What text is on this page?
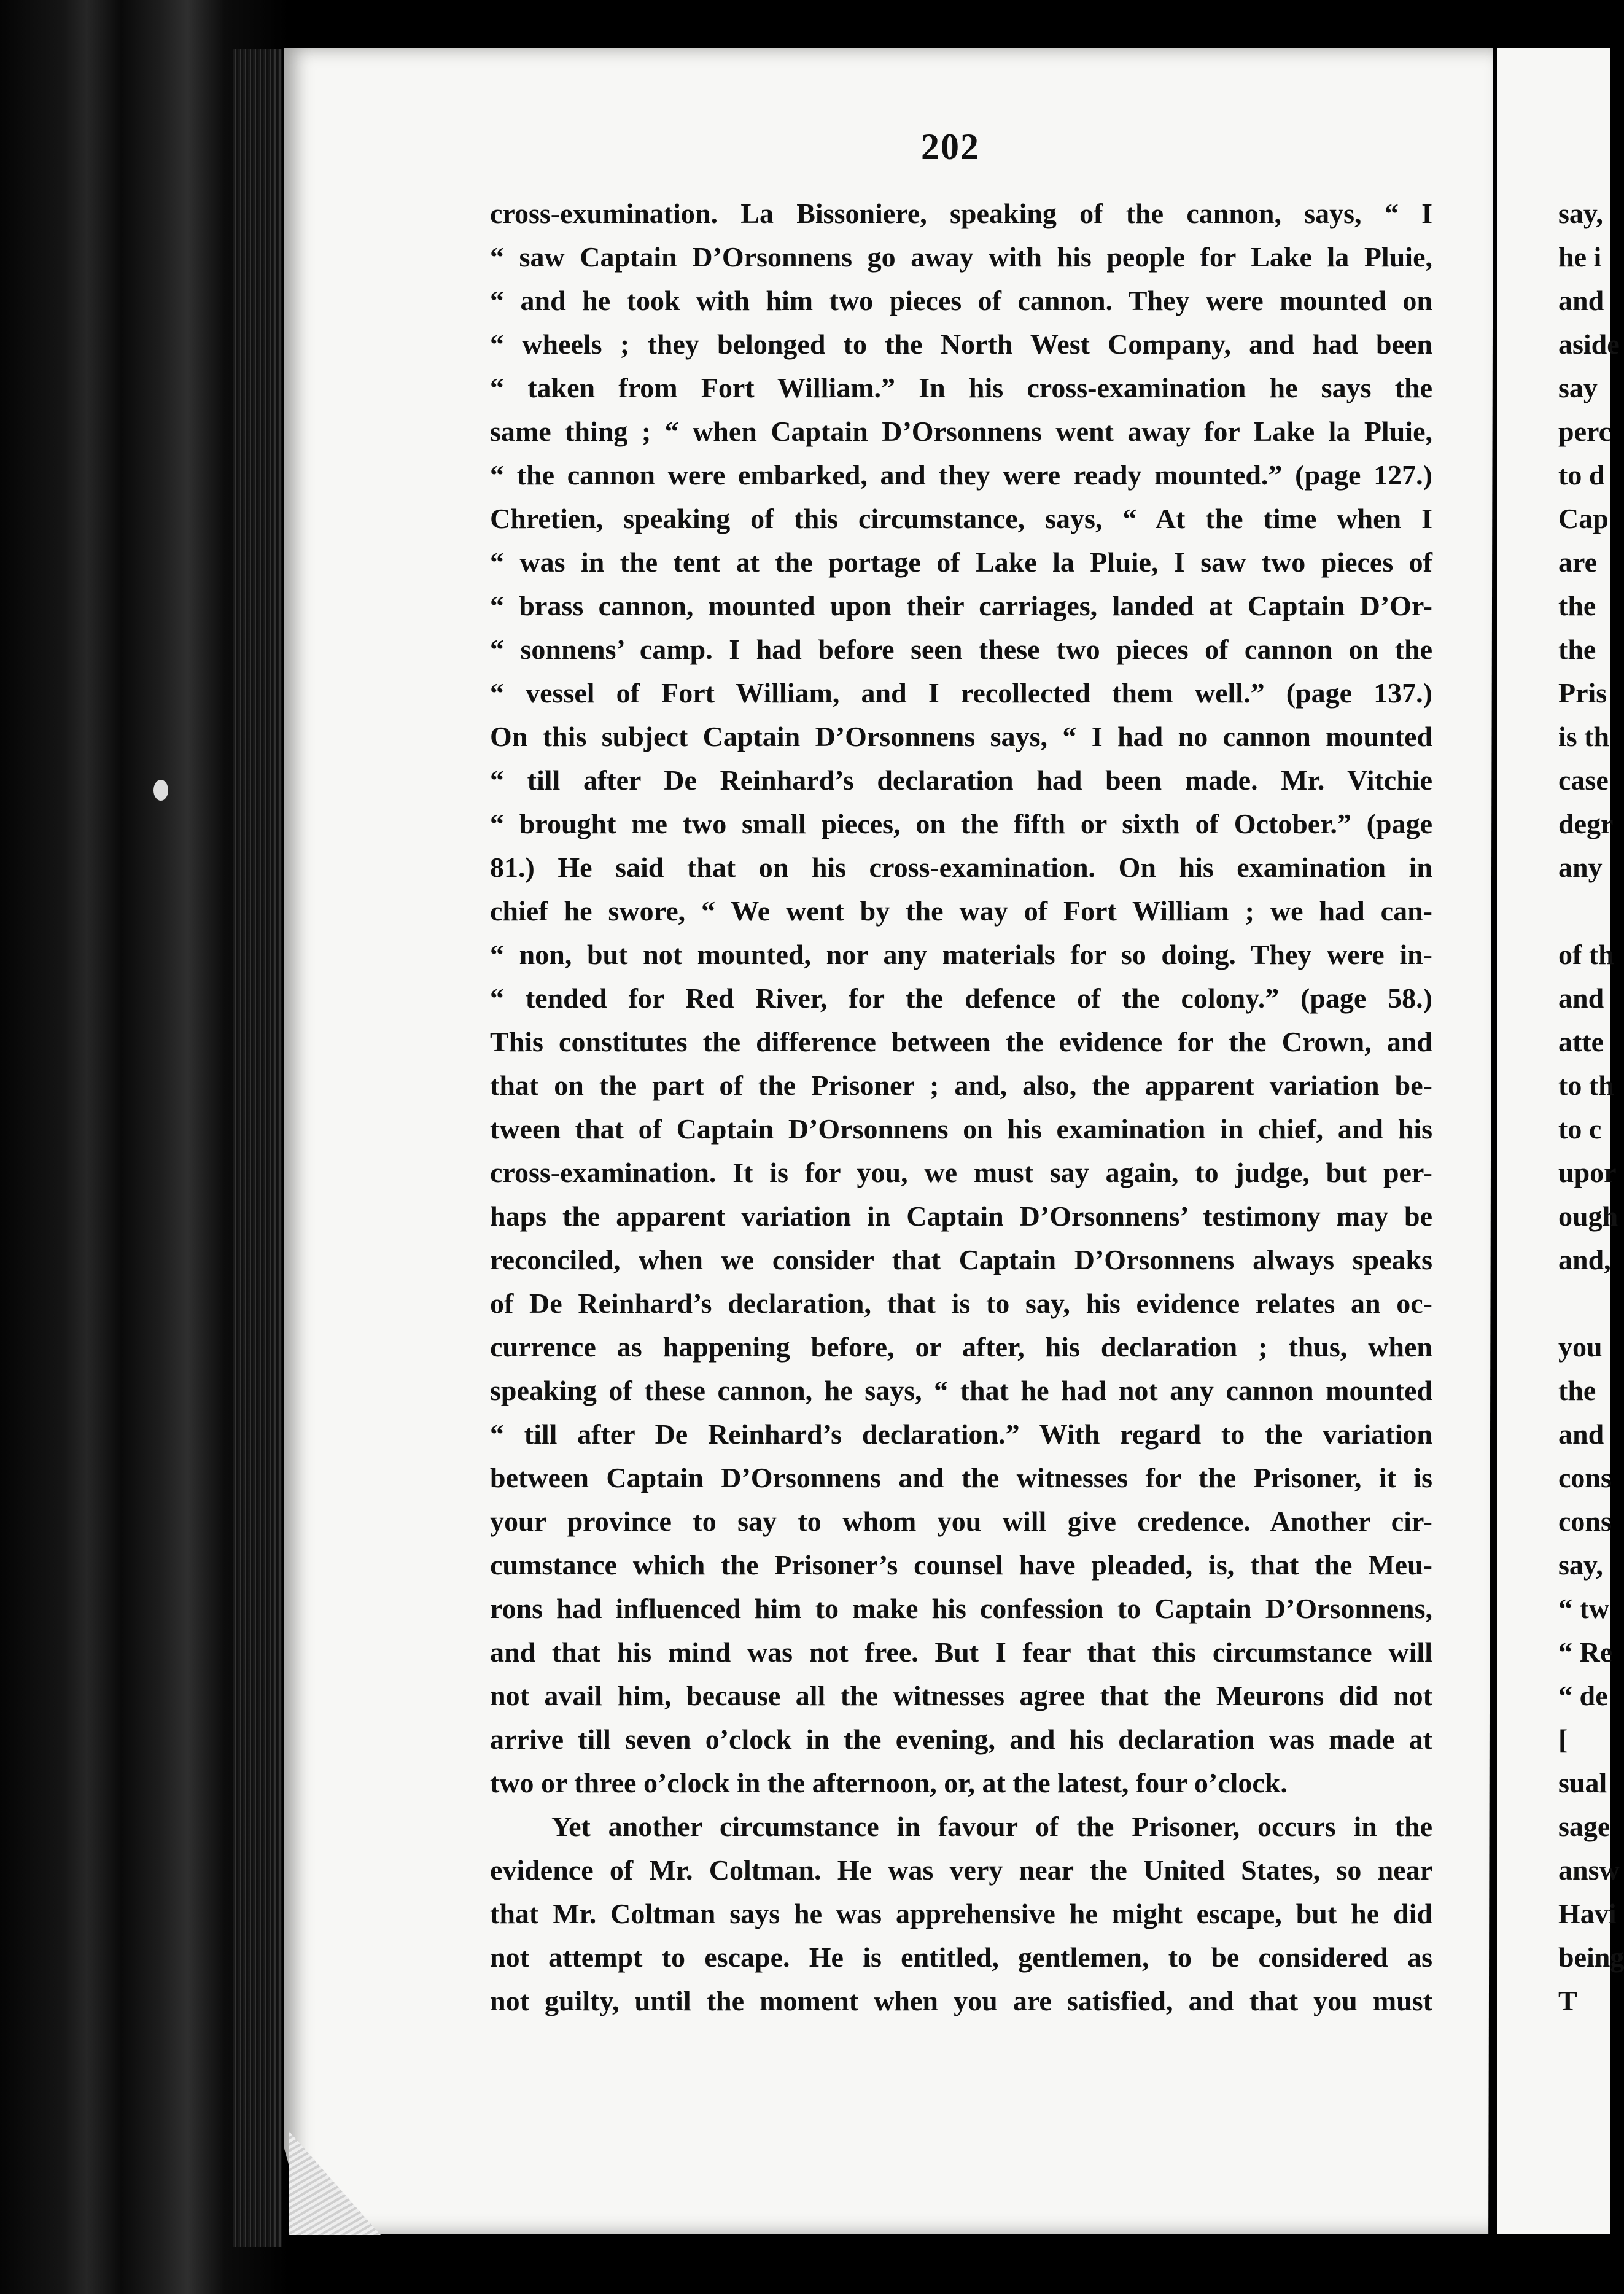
202
cross-exumination. La Bissoniere, speaking of the cannon, says, “ I
“ saw Captain D’Orsonnens go away with his people for Lake la Pluie,
“ and he took with him two pieces of cannon. They were mounted on
“ wheels ; they belonged to the North West Company, and had been
“ taken from Fort William.” In his cross-examination he says the
same thing ; “ when Captain D’Orsonnens went away for Lake la Pluie,
“ the cannon were embarked, and they were ready mounted.” (page 127.)
Chretien, speaking of this circumstance, says, “ At the time when I
“ was in the tent at the portage of Lake la Pluie, I saw two pieces of
“ brass cannon, mounted upon their carriages, landed at Captain D’Or-
“ sonnens’ camp. I had before seen these two pieces of cannon on the
“ vessel of Fort William, and I recollected them well.” (page 137.)
On this subject Captain D’Orsonnens says, “ I had no cannon mounted
“ till after De Reinhard’s declaration had been made. Mr. Vitchie
“ brought me two small pieces, on the fifth or sixth of October.” (page
81.) He said that on his cross-examination. On his examination in
chief he swore, “ We went by the way of Fort William ; we had can-
“ non, but not mounted, nor any materials for so doing. They were in-
“ tended for Red River, for the defence of the colony.” (page 58.)
This constitutes the difference between the evidence for the Crown, and
that on the part of the Prisoner ; and, also, the apparent variation be-
tween that of Captain D’Orsonnens on his examination in chief, and his
cross-examination. It is for you, we must say again, to judge, but per-
haps the apparent variation in Captain D’Orsonnens’ testimony may be
reconciled, when we consider that Captain D’Orsonnens always speaks
of De Reinhard’s declaration, that is to say, his evidence relates an oc-
currence as happening before, or after, his declaration ; thus, when
speaking of these cannon, he says, “ that he had not any cannon mounted
“ till after De Reinhard’s declaration.” With regard to the variation
between Captain D’Orsonnens and the witnesses for the Prisoner, it is
your province to say to whom you will give credence. Another cir-
cumstance which the Prisoner’s counsel have pleaded, is, that the Meu-
rons had influenced him to make his confession to Captain D’Orsonnens,
and that his mind was not free. But I fear that this circumstance will
not avail him, because all the witnesses agree that the Meurons did not
arrive till seven o’clock in the evening, and his declaration was made at
two or three o’clock in the afternoon, or, at the latest, four o’clock.
Yet another circumstance in favour of the Prisoner, occurs in the
evidence of Mr. Coltman. He was very near the United States, so near
that Mr. Coltman says he was apprehensive he might escape, but he did
not attempt to escape. He is entitled, gentlemen, to be considered as
not guilty, until the moment when you are satisfied, and that you must
say,
he i
and
aside
say
perc
to d
Cap
are
the
the
Pris
is th
case
degr
any

of th
and
atte
to th
to c
upor
ough
and,

you
the
and
cons
cons
say,
“ tw
“ Re
“ de
[
sual
sage
answ
Havi
being
T
